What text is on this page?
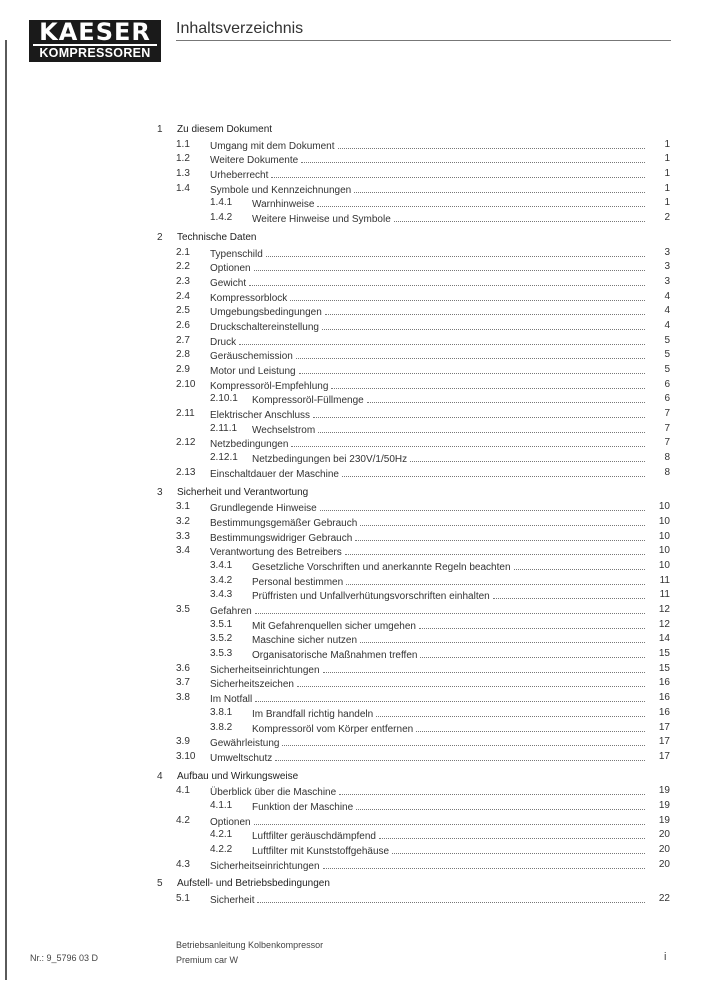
KAESER
KOMPRESSOREN
Inhaltsverzeichnis
1 Zu diesem Dokument
1.1 Umgang mit dem Dokument	1
1.2 Weitere Dokumente	1
1.3 Urheberrecht	1
1.4 Symbole und Kennzeichnungen	1
1.4.1 Warnhinweise	1
1.4.2 Weitere Hinweise und Symbole	2
2 Technische Daten
2.1 Typenschild	3
2.2 Optionen	3
2.3 Gewicht	3
2.4 Kompressorblock	4
2.5 Umgebungsbedingungen	4
2.6 Druckschaltereinstellung	4
2.7 Druck	5
2.8 Geräuschemission	5
2.9 Motor und Leistung	5
2.10 Kompressoröl-Empfehlung	6
2.10.1 Kompressoröl-Füllmenge	6
2.11 Elektrischer Anschluss	7
2.11.1 Wechselstrom	7
2.12 Netzbedingungen	7
2.12.1 Netzbedingungen bei 230V/1/50Hz	8
2.13 Einschaltdauer der Maschine	8
3 Sicherheit und Verantwortung
3.1 Grundlegende Hinweise	10
3.2 Bestimmungsgemäßer Gebrauch	10
3.3 Bestimmungswidriger Gebrauch	10
3.4 Verantwortung des Betreibers	10
3.4.1 Gesetzliche Vorschriften und anerkannte Regeln beachten	10
3.4.2 Personal bestimmen	11
3.4.3 Prüffristen und Unfallverhütungsvorschriften einhalten	11
3.5 Gefahren	12
3.5.1 Mit Gefahrenquellen sicher umgehen	12
3.5.2 Maschine sicher nutzen	14
3.5.3 Organisatorische Maßnahmen treffen	15
3.6 Sicherheitseinrichtungen	15
3.7 Sicherheitszeichen	16
3.8 Im Notfall	16
3.8.1 Im Brandfall richtig handeln	16
3.8.2 Kompressoröl vom Körper entfernen	17
3.9 Gewährleistung	17
3.10 Umweltschutz	17
4 Aufbau und Wirkungsweise
4.1 Überblick über die Maschine	19
4.1.1 Funktion der Maschine	19
4.2 Optionen	19
4.2.1 Luftfilter geräuschdämpfend	20
4.2.2 Luftfilter mit Kunststoffgehäuse	20
4.3 Sicherheitseinrichtungen	20
5 Aufstell- und Betriebsbedingungen
5.1 Sicherheit	22
Nr.: 9_5796 03 D
Betriebsanleitung Kolbenkompressor
Premium car W	i
